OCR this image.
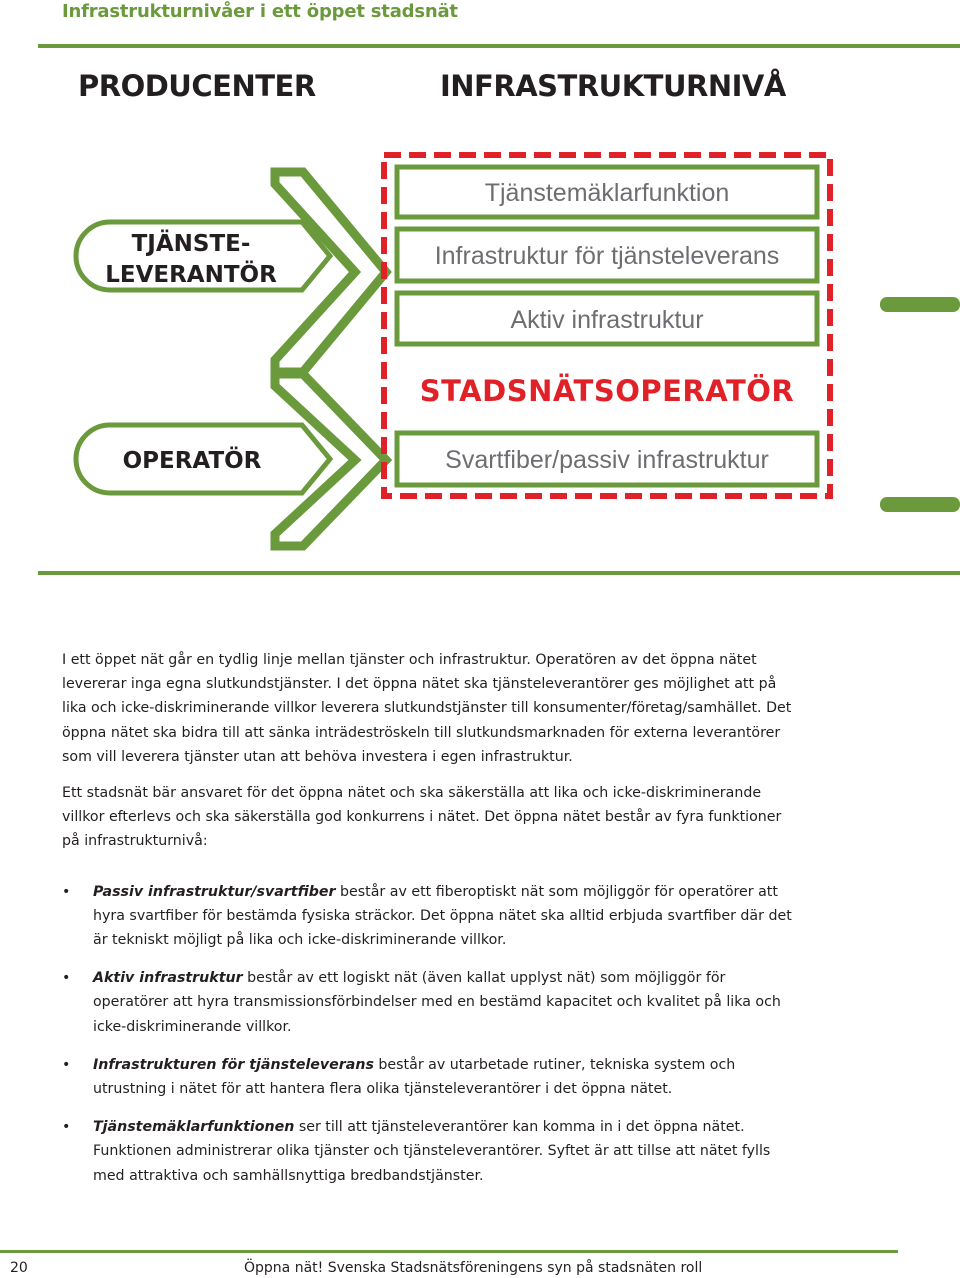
Infrastrukturnivåer i ett öppet stadsnät
PRODUCENTER	INFRASTRUKTURNIVÅ
TJÄNSTE-
LEVERANTÖR
OPERATÖR
Tjänstemäklarfunktion
Infrastruktur för tjänsteleverans
Aktiv infrastruktur
STADSNÄTSOPERATÖR
Svartfiber/passiv infrastruktur

I ett öppet nät går en tydlig linje mellan tjänster och infrastruktur. Operatören av det öppna nätet levererar inga egna slutkundstjänster. I det öppna nätet ska tjänsteleverantörer ges möjlighet att på lika och icke-diskriminerande villkor leverera slutkundstjänster till konsumenter/företag/samhället. Det öppna nätet ska bidra till att sänka inträdeströskeln till slutkundsmarknaden för externa leverantörer som vill leverera tjänster utan att behöva investera i egen infrastruktur.

Ett stadsnät bär ansvaret för det öppna nätet och ska säkerställa att lika och icke-diskriminerande villkor efterlevs och ska säkerställa god konkurrens i nätet. Det öppna nätet består av fyra funktioner på infrastrukturnivå:

• Passiv infrastruktur/svartfiber består av ett fiberoptiskt nät som möjliggör för operatörer att hyra svartfiber för bestämda fysiska sträckor. Det öppna nätet ska alltid erbjuda svartfiber där det är tekniskt möjligt på lika och icke-diskriminerande villkor.
• Aktiv infrastruktur består av ett logiskt nät (även kallat upplyst nät) som möjliggör för operatörer att hyra transmissionsförbindelser med en bestämd kapacitet och kvalitet på lika och icke-diskriminerande villkor.
• Infrastrukturen för tjänsteleverans består av utarbetade rutiner, tekniska system och utrustning i nätet för att hantera flera olika tjänsteleverantörer i det öppna nätet.
• Tjänstemäklarfunktionen ser till att tjänsteleverantörer kan komma in i det öppna nätet. Funktionen administrerar olika tjänster och tjänsteleverantörer. Syftet är att tillse att nätet fylls med attraktiva och samhällsnyttiga bredbandstjänster.
20	Öppna nät! Svenska Stadsnätsföreningens syn på stadsnäten roll
